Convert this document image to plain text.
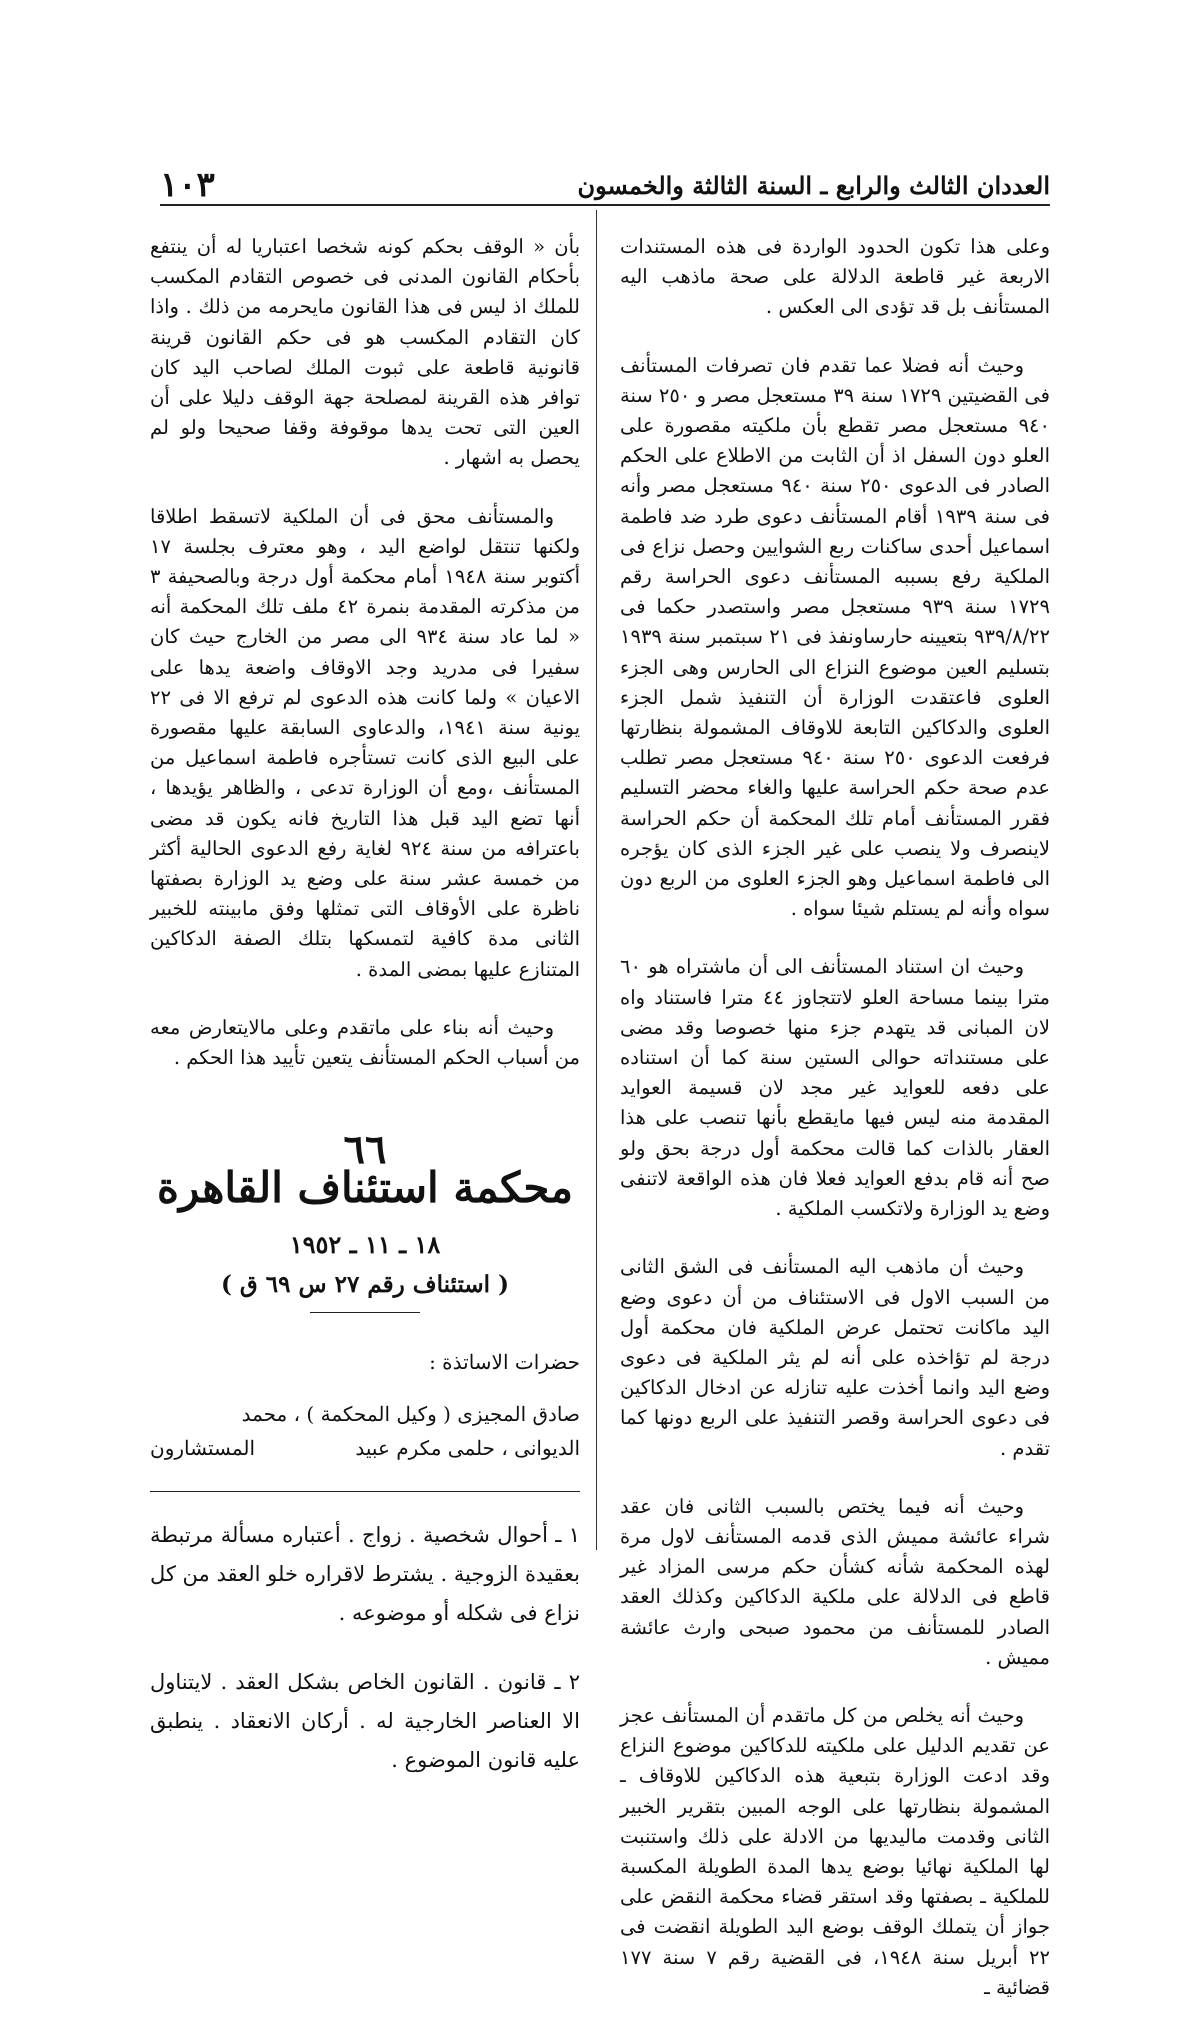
العددان الثالث والرابع ـ السنة الثالثة والخمسون
١٠٣

وعلى هذا تكون الحدود الواردة فى هذه المستندات الاربعة غير قاطعة الدلالة على صحة ماذهب اليه المستأنف بل قد تؤدى الى العكس .

وحيث أنه فضلا عما تقدم فان تصرفات المستأنف فى القضيتين ١٧٢٩ سنة ٣٩ مستعجل مصر و ٢٥٠ سنة ٩٤٠ مستعجل مصر تقطع بأن ملكيته مقصورة على العلو دون السفل اذ أن الثابت من الاطلاع على الحكم الصادر فى الدعوى ٢٥٠ سنة ٩٤٠ مستعجل مصر وأنه فى سنة ١٩٣٩ أقام المستأنف دعوى طرد ضد فاطمة اسماعيل أحدى ساكنات ربع الشوايين وحصل نزاع فى الملكية رفع بسببه المستأنف دعوى الحراسة رقم ١٧٢٩ سنة ٩٣٩ مستعجل مصر واستصدر حكما فى ٩٣٩/٨/٢٢ بتعيينه حارساونفذ فى ٢١ سبتمبر سنة ١٩٣٩ بتسليم العين موضوع النزاع الى الحارس وهى الجزء العلوى فاعتقدت الوزارة أن التنفيذ شمل الجزء العلوى والدكاكين التابعة للاوقاف المشمولة بنظارتها فرفعت الدعوى ٢٥٠ سنة ٩٤٠ مستعجل مصر تطلب عدم صحة حكم الحراسة عليها والغاء محضر التسليم فقرر المستأنف أمام تلك المحكمة أن حكم الحراسة لاينصرف ولا ينصب على غير الجزء الذى كان يؤجره الى فاطمة اسماعيل وهو الجزء العلوى من الربع دون سواه وأنه لم يستلم شيئا سواه .

وحيث ان استناد المستأنف الى أن ماشتراه هو ٦٠ مترا بينما مساحة العلو لاتتجاوز ٤٤ مترا فاستناد واه لان المبانى قد يتهدم جزء منها خصوصا وقد مضى على مستنداته حوالى الستين سنة كما أن استناده على دفعه للعوايد غير مجد لان قسيمة العوايد المقدمة منه ليس فيها مايقطع بأنها تنصب على هذا العقار بالذات كما قالت محكمة أول درجة بحق ولو صح أنه قام بدفع العوايد فعلا فان هذه الواقعة لاتنفى وضع يد الوزارة ولاتكسب الملكية .

وحيث أن ماذهب اليه المستأنف فى الشق الثانى من السبب الاول فى الاستئناف من أن دعوى وضع اليد ماكانت تحتمل عرض الملكية فان محكمة أول درجة لم تؤاخذه على أنه لم يثر الملكية فى دعوى وضع اليد وانما أخذت عليه تنازله عن ادخال الدكاكين فى دعوى الحراسة وقصر التنفيذ على الربع دونها كما تقدم .

وحيث أنه فيما يختص بالسبب الثانى فان عقد شراء عائشة مميش الذى قدمه المستأنف لاول مرة لهذه المحكمة شأنه كشأن حكم مرسى المزاد غير قاطع فى الدلالة على ملكية الدكاكين وكذلك العقد الصادر للمستأنف من محمود صبحى وارث عائشة مميش .

وحيث أنه يخلص من كل ماتقدم أن المستأنف عجز عن تقديم الدليل على ملكيته للدكاكين موضوع النزاع وقد ادعت الوزارة بتبعية هذه الدكاكين للاوقاف ـ المشمولة بنظارتها على الوجه المبين بتقرير الخبير الثانى وقدمت ماليديها من الادلة على ذلك واستنبت لها الملكية نهائيا بوضع يدها المدة الطويلة المكسبة للملكية ـ بصفتها وقد استقر قضاء محكمة النقض على جواز أن يتملك الوقف بوضع اليد الطويلة انقضت فى ٢٢ أبريل سنة ١٩٤٨، فى القضية رقم ٧ سنة ١٧٧ قضائية ـ

بأن « الوقف بحكم كونه شخصا اعتباريا له أن ينتفع بأحكام القانون المدنى فى خصوص التقادم المكسب للملك اذ ليس فى هذا القانون مايحرمه من ذلك . واذا كان التقادم المكسب هو فى حكم القانون قرينة قانونية قاطعة على ثبوت الملك لصاحب اليد كان توافر هذه القرينة لمصلحة جهة الوقف دليلا على أن العين التى تحت يدها موقوفة وقفا صحيحا ولو لم يحصل به اشهار .

والمستأنف محق فى أن الملكية لاتسقط اطلاقا ولكنها تنتقل لواضع اليد ، وهو معترف بجلسة ١٧ أكتوبر سنة ١٩٤٨ أمام محكمة أول درجة وبالصحيفة ٣ من مذكرته المقدمة بنمرة ٤٢ ملف تلك المحكمة أنه « لما عاد سنة ٩٣٤ الى مصر من الخارج حيث كان سفيرا فى مدريد وجد الاوقاف واضعة يدها على الاعيان » ولما كانت هذه الدعوى لم ترفع الا فى ٢٢ يونية سنة ١٩٤١، والدعاوى السابقة عليها مقصورة على البيع الذى كانت تستأجره فاطمة اسماعيل من المستأنف ،ومع أن الوزارة تدعى ، والظاهر يؤيدها ، أنها تضع اليد قبل هذا التاريخ فانه يكون قد مضى باعترافه من سنة ٩٢٤ لغاية رفع الدعوى الحالية أكثر من خمسة عشر سنة على وضع يد الوزارة بصفتها ناظرة على الأوقاف التى تمثلها وفق مابينته للخبير الثانى مدة كافية لتمسكها بتلك الصفة الدكاكين المتنازع عليها بمضى المدة .

وحيث أنه بناء على ماتقدم وعلى مالايتعارض معه من أسباب الحكم المستأنف يتعين تأييد هذا الحكم .

٦٦
محكمة استئناف القاهرة
١٨ ـ ١١ ـ ١٩٥٢
( استئناف رقم ٢٧ س ٦٩ ق )
حضرات الاساتذة :
صادق المجيزى ( وكيل المحكمة ) ، محمد
الديوانى ، حلمى مكرم عبيد
المستشارون
١ ـ أحوال شخصية . زواج . أعتباره مسألة مرتبطة بعقيدة الزوجية . يشترط لاقراره خلو العقد من كل نزاع فى شكله أو موضوعه .
٢ ـ قانون . القانون الخاص بشكل العقد . لايتناول الا العناصر الخارجية له . أركان الانعقاد . ينطبق عليه قانون الموضوع .
